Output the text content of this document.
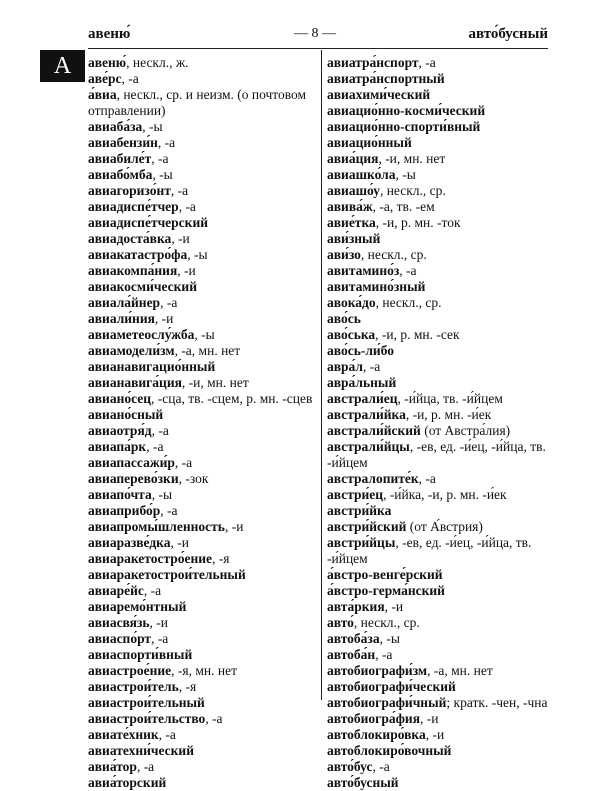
авеню́	— 8 —	авто́бусный
А	авеню́, нескл., ж.
аве́рс, -а
а́виа, нескл., ср. и неизм. (о почтовом отправлении)
авиаба́за, -ы
авиабензи́н, -а
авиабиле́т, -а
авиабо́мба, -ы
авиагоризо́нт, -а
авиадиспе́тчер, -а
авиадиспе́тчерский
авиадоста́вка, -и
авиакатастро́фа, -ы
авиакомпа́ния, -и
авиакосми́ческий
авиала́йнер, -а
авиали́ния, -и
авиаметеослу́жба, -ы
авиамодели́зм, -а, мн. нет
авианавигацио́нный
авианавига́ция, -и, мн. нет
авиано́сец, -сца, тв. -сцем, р. мн. -сцев
авиано́сный
авиаотря́д, -а
авиапа́рк, -а
авиапассажи́р, -а
авиаперево́зки, -зок
авиапо́чта, -ы
авиаприбо́р, -а
авиапромы́шленность, -и
авиаразве́дка, -и
авиаракетостро́ение, -я
авиаракетострои́тельный
авиаре́йс, -а
авиаремо́нтный
авиасвя́зь, -и
авиаспо́рт, -а
авиаспорти́вный
авиастрое́ние, -я, мн. нет
авиастрои́тель, -я
авиастрои́тельный
авиастрои́тельство, -а
авиате́хник, -а
авиатехни́ческий
авиа́тор, -а
авиа́торский
авиатра́нспорт, -а
авиатра́нспортный
авиахими́ческий
авиацио́нно-косми́ческий
авиацио́нно-спорти́вный
авиацио́нный
авиа́ция, -и, мн. нет
авиашко́ла, -ы
авиашо́у, нескл., ср.
авива́ж, -а, тв. -ем
авие́тка, -и, р. мн. -ток
ави́зный
ави́зо, нескл., ср.
авитамино́з, -а
авитамино́зный
авока́до, нескл., ср.
аво́сь
аво́ська, -и, р. мн. -сек
аво́сь-ли́бо
авра́л, -а
авра́льный
австрали́ец, -и́йца, тв. -и́йцем
австрали́йка, -и, р. мн. -и́ек
австрали́йский (от Австра́лия)
австрали́йцы, -ев, ед. -и́ец, -и́йца, тв. -и́йцем
австралопите́к, -а
австри́ец, -и́йка, -и, р. мн. -и́ек
австри́йка
австри́йский (от А́встрия)
австри́йцы, -ев, ед. -и́ец, -и́йца, тв. -и́йцем
а́встро-венге́рский
а́встро-герма́нский
авта́ркия, -и
авто́, нескл., ср.
автоба́за, -ы
автоба́н, -а
автобиографи́зм, -а, мн. нет
автобиографи́ческий
автобиографи́чный; кратк. -чен, -чна
автобиогра́фия, -и
автоблокиро́вка, -и
автоблокиро́вочный
авто́бус, -а
авто́бусный
